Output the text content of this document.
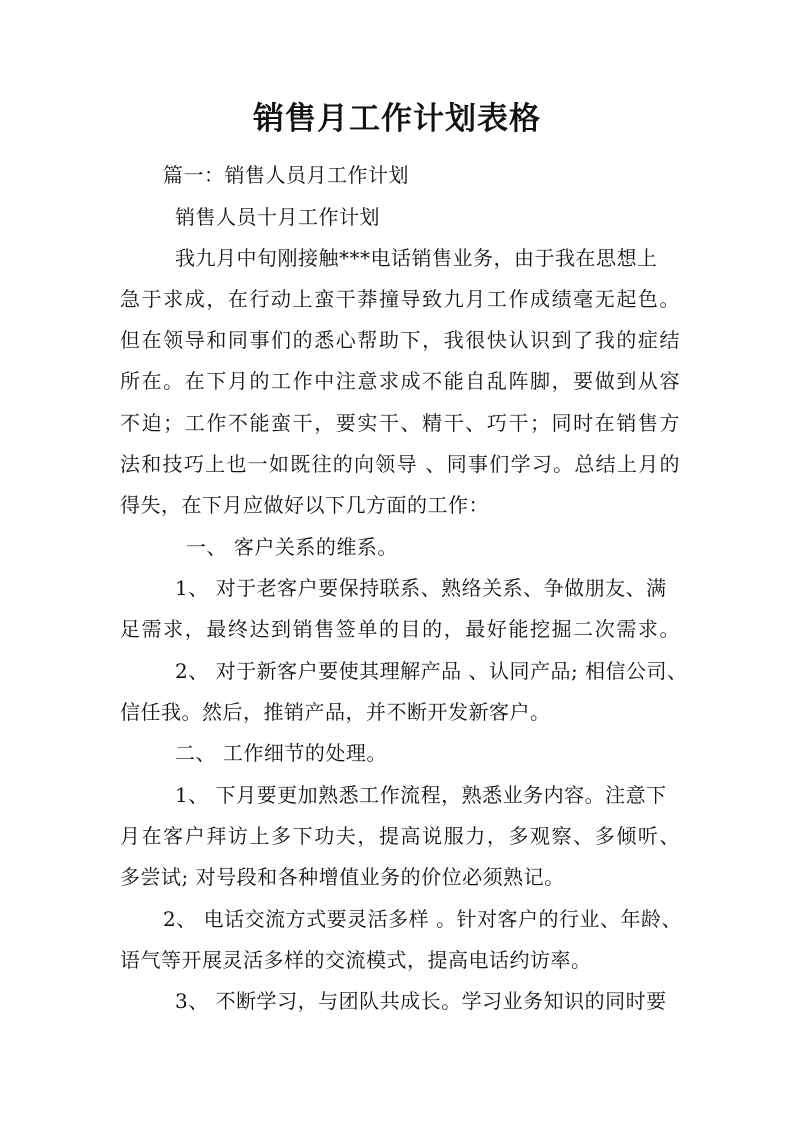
销售月工作计划表格
篇一：销售人员月工作计划
销售人员十月工作计划
我九月中旬刚接触***电话销售业务，由于我在思想上
急于求成，在行动上蛮干莽撞导致九月工作成绩毫无起色。
但在领导和同事们的悉心帮助下，我很快认识到了我的症结
所在。在下月的工作中注意求成不能自乱阵脚，要做到从容
不迫；工作不能蛮干，要实干、精干、巧干；同时在销售方
法和技巧上也一如既往的向领导 、同事们学习。总结上月的
得失，在下月应做好以下几方面的工作：
一、 客户关系的维系。
1、 对于老客户要保持联系、熟络关系、争做朋友、满
足需求，最终达到销售签单的目的，最好能挖掘二次需求。
2、 对于新客户要使其理解产品 、认同产品; 相信公司、
信任我。然后，推销产品，并不断开发新客户。
二、 工作细节的处理。
1、 下月要更加熟悉工作流程，熟悉业务内容。注意下
月在客户拜访上多下功夫，提高说服力，多观察、多倾听、
多尝试; 对号段和各种增值业务的价位必须熟记。
2、 电话交流方式要灵活多样 。针对客户的行业、年龄、
语气等开展灵活多样的交流模式，提高电话约访率。
3、 不断学习，与团队共成长。学习业务知识的同时要
